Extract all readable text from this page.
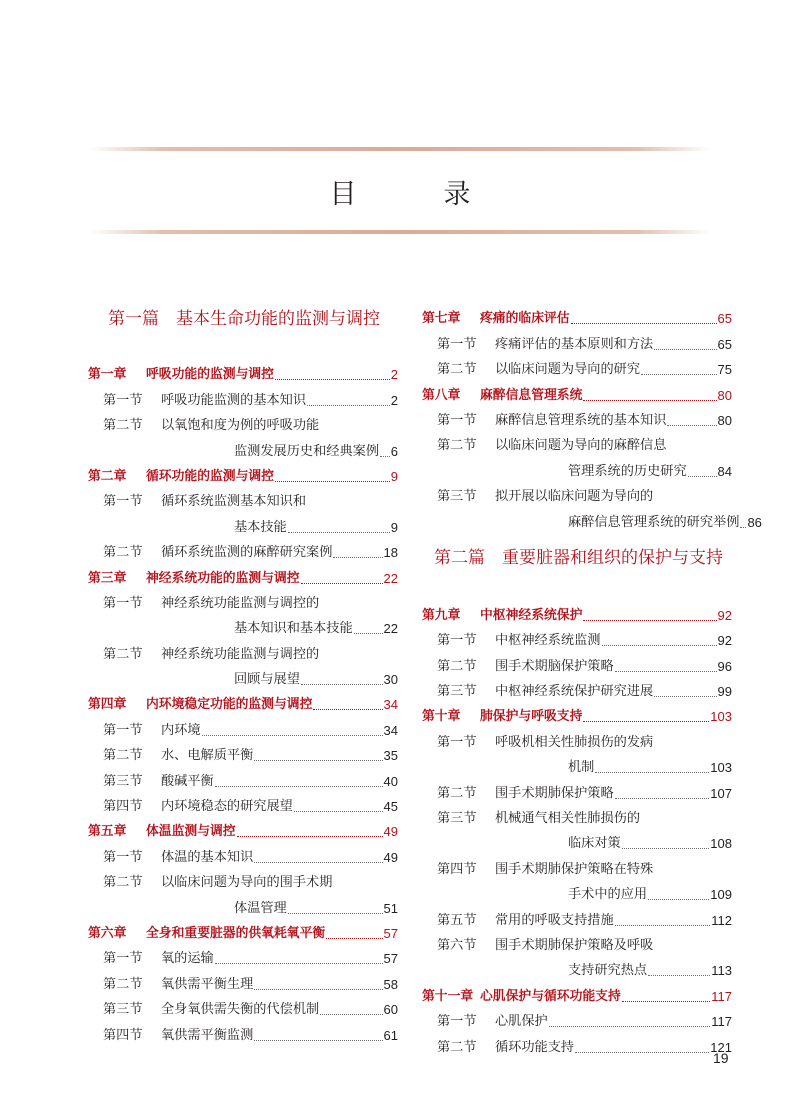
目　录
第一篇　基本生命功能的监测与调控
第一章	呼吸功能的监测与调控	2
第一节	呼吸功能监测的基本知识	2
第二节	以氧饱和度为例的呼吸功能
监测发展历史和经典案例 6
第二章	循环功能的监测与调控	9
第一节	循环系统监测基本知识和
基本技能	9
第二节	循环系统监测的麻醉研究案例	18
第三章	神经系统功能的监测与调控	22
第一节	神经系统功能监测与调控的
基本知识和基本技能 22
第二节	神经系统功能监测与调控的
回顾与展望	30
第四章	内环境稳定功能的监测与调控	34
第一节	内环境	34
第二节	水、电解质平衡	35
第三节	酸碱平衡	40
第四节	内环境稳态的研究展望	45
第五章	体温监测与调控	49
第一节	体温的基本知识	49
第二节	以临床问题为导向的围手术期
体温管理	51
第六章	全身和重要脏器的供氧耗氧平衡	57
第一节	氧的运输	57
第二节	氧供需平衡生理	58
第三节	全身氧供需失衡的代偿机制	60
第四节	氧供需平衡监测	61
第七章	疼痛的临床评估	65
第一节	疼痛评估的基本原则和方法	65
第二节	以临床问题为导向的研究	75
第八章	麻醉信息管理系统	80
第一节	麻醉信息管理系统的基本知识	80
第二节	以临床问题为导向的麻醉信息
管理系统的历史研究 84
第三节	拟开展以临床问题为导向的
麻醉信息管理系统的研究举例 86
第二篇　重要脏器和组织的保护与支持
第九章	中枢神经系统保护	92
第一节	中枢神经系统监测	92
第二节	围手术期脑保护策略	96
第三节	中枢神经系统保护研究进展	99
第十章	肺保护与呼吸支持	103
第一节	呼吸机相关性肺损伤的发病
机制	103
第二节	围手术期肺保护策略	107
第三节	机械通气相关性肺损伤的
临床对策	108
第四节	围手术期肺保护策略在特殊
手术中的应用	109
第五节	常用的呼吸支持措施	112
第六节	围手术期肺保护策略及呼吸
支持研究热点	113
第十一章 心肌保护与循环功能支持	117
第一节	心肌保护	117
第二节	循环功能支持	121
19
